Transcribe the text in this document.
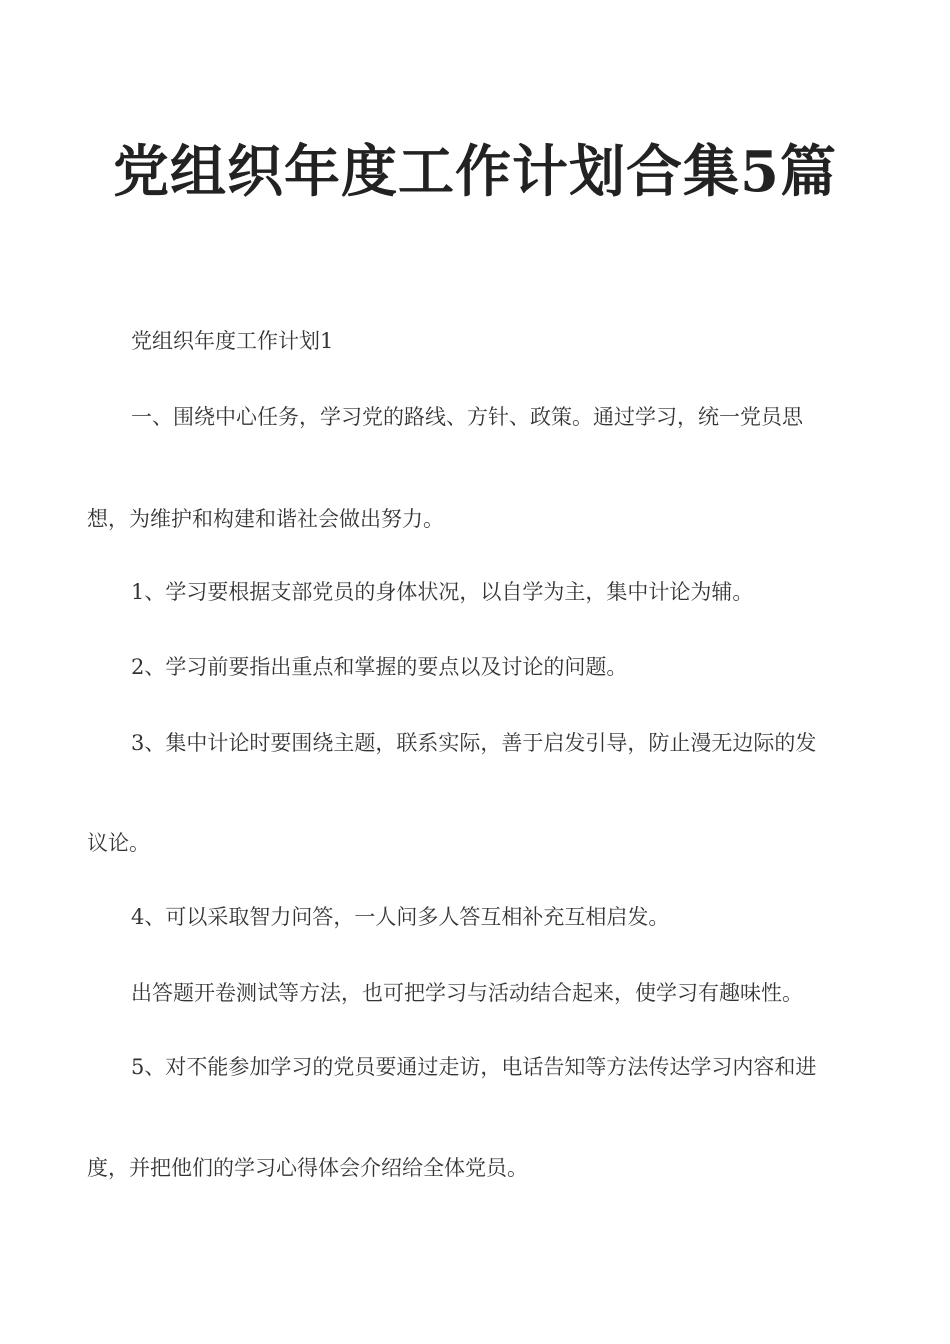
党组织年度工作计划合集5篇
党组织年度工作计划1
一、围绕中心任务，学习党的路线、方针、政策。通过学习，统一党员思
想，为维护和构建和谐社会做出努力。
1、学习要根据支部党员的身体状况，以自学为主，集中计论为辅。
2、学习前要指出重点和掌握的要点以及讨论的问题。
3、集中计论时要围绕主题，联系实际，善于启发引导，防止漫无边际的发
议论。
4、可以采取智力问答，一人问多人答互相补充互相启发。
出答题开卷测试等方法，也可把学习与活动结合起来，使学习有趣味性。
5、对不能参加学习的党员要通过走访，电话告知等方法传达学习内容和进
度，并把他们的学习心得体会介绍给全体党员。
